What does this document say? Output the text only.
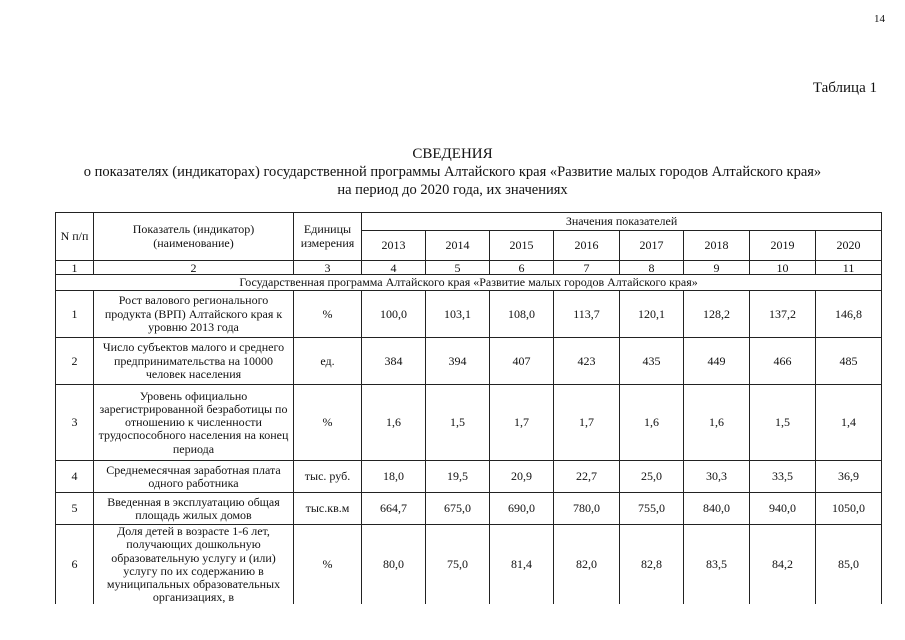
14
Таблица 1
СВЕДЕНИЯ
о показателях (индикаторах) государственной программы Алтайского края «Развитие малых городов Алтайского края»
на период до 2020 года, их значениях
N п/п	Показатель (индикатор) (наименование)	Единицы измерения	Значения показателей							
			2013	2014	2015	2016	2017	2018	2019	2020
1	2	3	4	5	6	7	8	9	10	11
Государственная программа Алтайского края «Развитие малых городов Алтайского края»										
1	Рост валового регионального продукта (ВРП) Алтайского края к уровню 2013 года	%	100,0	103,1	108,0	113,7	120,1	128,2	137,2	146,8
2	Число субъектов малого и среднего предпринимательства на 10000 человек населения	ед.	384	394	407	423	435	449	466	485
3	Уровень официально зарегистрированной безработицы по отношению к численности трудоспособного населения на конец периода	%	1,6	1,5	1,7	1,7	1,6	1,6	1,5	1,4
4	Среднемесячная заработная плата одного работника	тыс. руб.	18,0	19,5	20,9	22,7	25,0	30,3	33,5	36,9
5	Введенная в эксплуатацию общая площадь жилых домов	тыс.кв.м	664,7	675,0	690,0	780,0	755,0	840,0	940,0	1050,0
6	Доля детей в возрасте 1-6 лет, получающих дошкольную образовательную услугу и (или) услугу по их содержанию в муниципальных образовательных организациях, в	%	80,0	75,0	81,4	82,0	82,8	83,5	84,2	85,0
